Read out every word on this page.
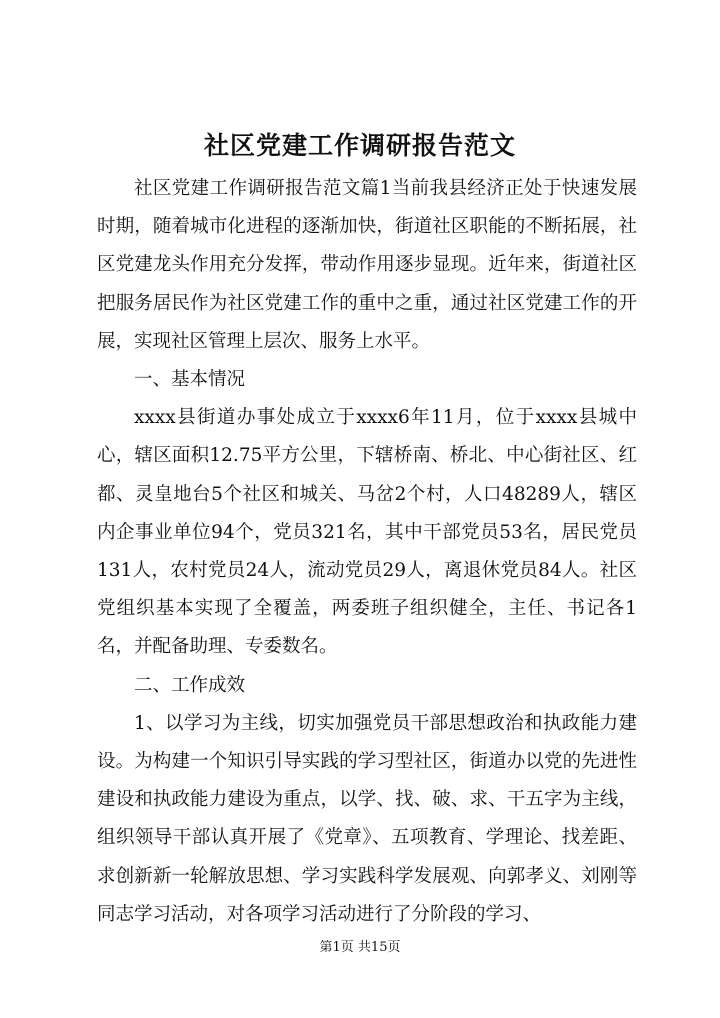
社区党建工作调研报告范文

社区党建工作调研报告范文篇1当前我县经济正处于快速发展时期，随着城市化进程的逐渐加快，街道社区职能的不断拓展，社区党建龙头作用充分发挥，带动作用逐步显现。近年来，街道社区把服务居民作为社区党建工作的重中之重，通过社区党建工作的开展，实现社区管理上层次、服务上水平。

一、基本情况

xxxx县街道办事处成立于xxxx6年11月，位于xxxx县城中心，辖区面积12.75平方公里，下辖桥南、桥北、中心街社区、红都、灵皇地台5个社区和城关、马岔2个村，人口48289人，辖区内企事业单位94个，党员321名，其中干部党员53名，居民党员131人，农村党员24人，流动党员29人，离退休党员84人。社区党组织基本实现了全覆盖，两委班子组织健全，主任、书记各1名，并配备助理、专委数名。

二、工作成效

1、以学习为主线，切实加强党员干部思想政治和执政能力建设。为构建一个知识引导实践的学习型社区，街道办以党的先进性建设和执政能力建设为重点，以学、找、破、求、干五字为主线，组织领导干部认真开展了《党章》、五项教育、学理论、找差距、求创新新一轮解放思想、学习实践科学发展观、向郭孝义、刘刚等同志学习活动，对各项学习活动进行了分阶段的学习、

第1页 共15页
